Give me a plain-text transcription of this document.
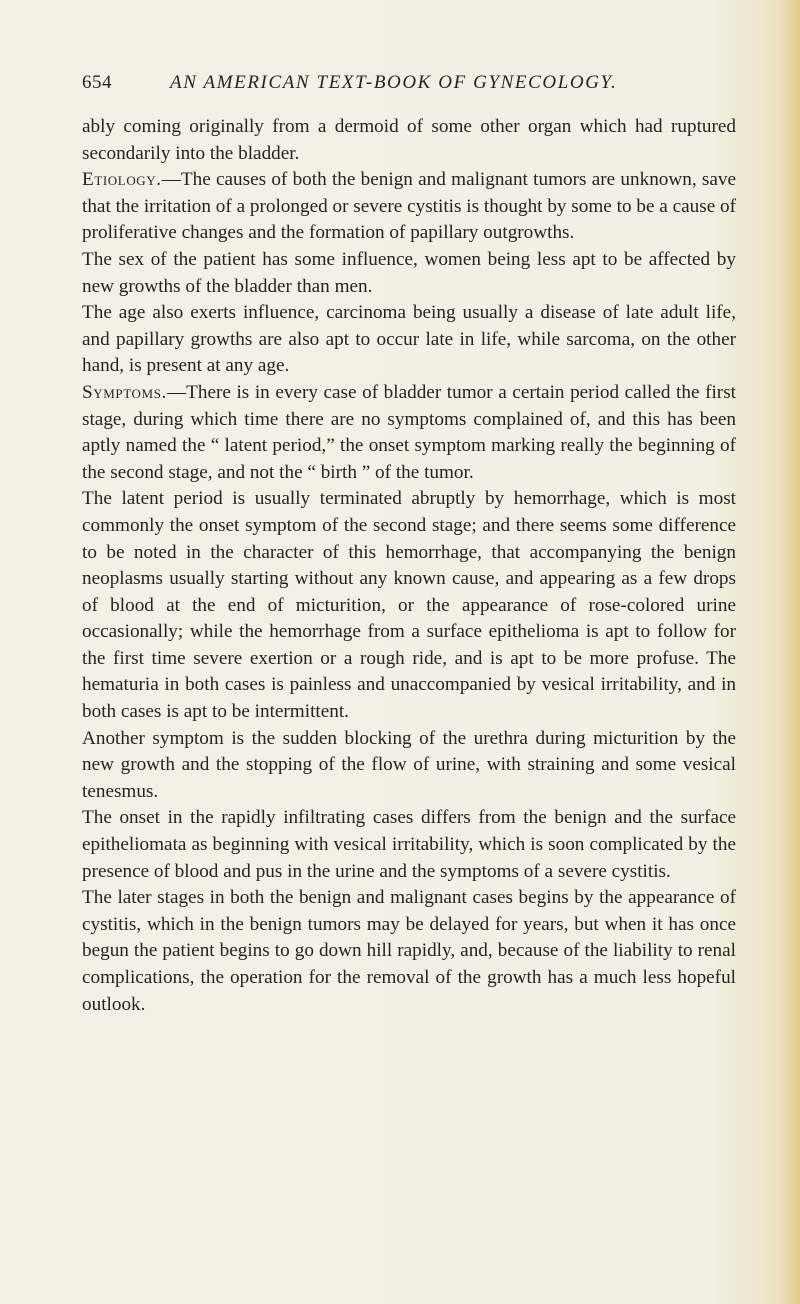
654	AN AMERICAN TEXT-BOOK OF GYNECOLOGY.

ably coming originally from a dermoid of some other organ which had ruptured secondarily into the bladder.

Etiology.—The causes of both the benign and malignant tumors are unknown, save that the irritation of a prolonged or severe cystitis is thought by some to be a cause of proliferative changes and the formation of papillary outgrowths.

The sex of the patient has some influence, women being less apt to be affected by new growths of the bladder than men.

The age also exerts influence, carcinoma being usually a disease of late adult life, and papillary growths are also apt to occur late in life, while sarcoma, on the other hand, is present at any age.

Symptoms.—There is in every case of bladder tumor a certain period called the first stage, during which time there are no symptoms complained of, and this has been aptly named the “ latent period,” the onset symptom marking really the beginning of the second stage, and not the “ birth ” of the tumor.

The latent period is usually terminated abruptly by hemorrhage, which is most commonly the onset symptom of the second stage; and there seems some difference to be noted in the character of this hemorrhage, that accompanying the benign neoplasms usually starting without any known cause, and appearing as a few drops of blood at the end of micturition, or the appearance of rose-colored urine occasionally; while the hemorrhage from a surface epithelioma is apt to follow for the first time severe exertion or a rough ride, and is apt to be more profuse. The hematuria in both cases is painless and unaccompanied by vesical irritability, and in both cases is apt to be intermittent.

Another symptom is the sudden blocking of the urethra during micturition by the new growth and the stopping of the flow of urine, with straining and some vesical tenesmus.

The onset in the rapidly infiltrating cases differs from the benign and the surface epitheliomata as beginning with vesical irritability, which is soon complicated by the presence of blood and pus in the urine and the symptoms of a severe cystitis.

The later stages in both the benign and malignant cases begins by the appearance of cystitis, which in the benign tumors may be delayed for years, but when it has once begun the patient begins to go down hill rapidly, and, because of the liability to renal complications, the operation for the removal of the growth has a much less hopeful outlook.
